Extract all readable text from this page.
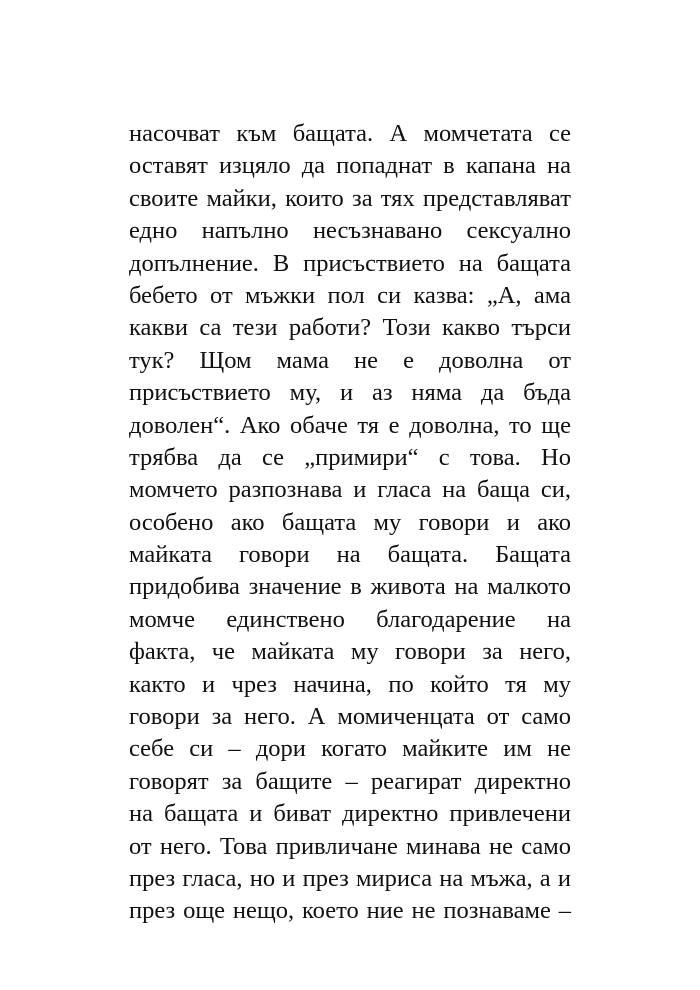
насочват към бащата. А момчетата се
оставят изцяло да попаднат в капана на
своите майки, които за тях представляват
едно напълно несъзнавано сексуално
допълнение. В присъствието на бащата
бебето от мъжки пол си казва: „А, ама
какви са тези работи? Този какво търси
тук? Щом мама не е доволна от
присъствието му, и аз няма да бъда
доволен“. Ако обаче тя е доволна, то ще
трябва да се „примири“ с това. Но
момчето разпознава и гласа на баща си,
особено ако бащата му говори и ако
майката говори на бащата. Бащата
придобива значение в живота на малкото
момче единствено благодарение на
факта, че майката му говори за него,
както и чрез начина, по който тя му
говори за него. А момиченцата от само
себе си – дори когато майките им не
говорят за бащите – реагират директно
на бащата и биват директно привлечени
от него. Това привличане минава не само
през гласа, но и през мириса на мъжа, а и
през още нещо, което ние не познаваме –
